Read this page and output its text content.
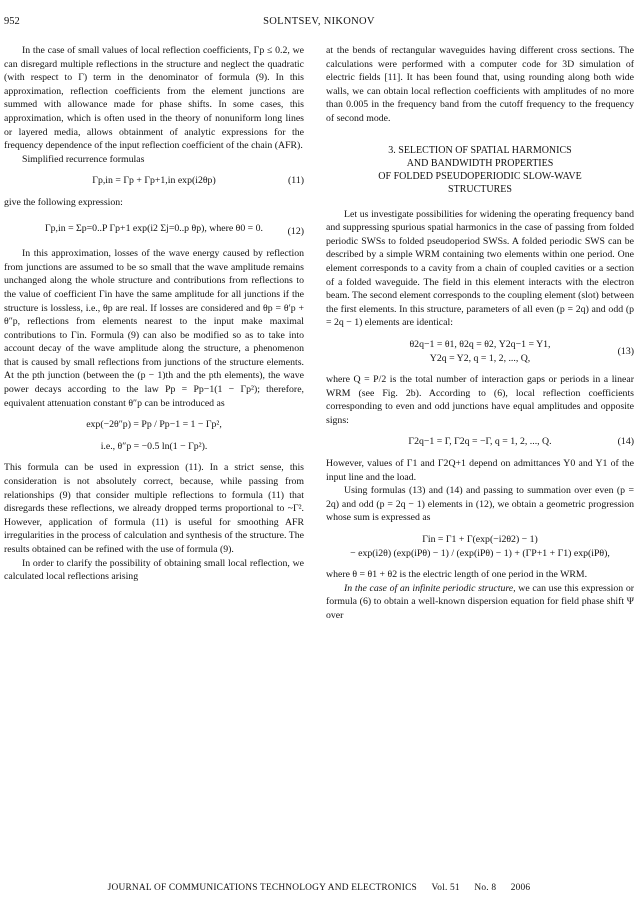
952	SOLNTSEV, NIKONOV

In the case of small values of local reflection coefficients, Γp ≤ 0.2, we can disregard multiple reflections in the structure and neglect the quadratic (with respect to Γ) term in the denominator of formula (9). In this approximation, reflection coefficients from the element junctions are summed with allowance made for phase shifts. In some cases, this approximation, which is often used in the theory of nonuniform long lines or layered media, allows obtainment of analytic expressions for the frequency dependence of the input reflection coefficient of the chain (AFR).

Simplified recurrence formulas

Γp,in = Γp + Γp+1,in exp(i2θp)	(11)

give the following expression:

Γp,in = Σp=0..P Γp+1 exp(i2 Σj=0..p θp), where θ0 = 0.	(12)

In this approximation, losses of the wave energy caused by reflection from junctions are assumed to be so small that the wave amplitude remains unchanged along the whole structure and contributions from reflections to the value of coefficient Γin have the same amplitude for all junctions if the structure is lossless, i.e., θp are real. If losses are considered and θp = θ′p + θ″p, reflections from elements nearest to the input make maximal contributions to Γin. Formula (9) can also be modified so as to take into account decay of the wave amplitude along the structure, a phenomenon that is caused by small reflections from junctions of the structure elements. At the pth junction (between the (p − 1)th and the pth elements), the wave power decays according to the law Pp = Pp−1(1 − Γp²); therefore, equivalent attenuation constant θ″p can be introduced as

exp(−2θ″p) = Pp / Pp−1 = 1 − Γp²,
i.e., θ″p = −0.5 ln(1 − Γp²).

This formula can be used in expression (11). In a strict sense, this consideration is not absolutely correct, because, while passing from relationships (9) that consider multiple reflections to formula (11) that disregards these reflections, we already dropped terms proportional to ~Γ². However, application of formula (11) is useful for smoothing AFR irregularities in the process of calculation and synthesis of the structure. The results obtained can be refined with the use of formula (9).

In order to clarify the possibility of obtaining small local reflection, we calculated local reflections arising

at the bends of rectangular waveguides having different cross sections. The calculations were performed with a computer code for 3D simulation of electric fields [11]. It has been found that, using rounding along both wide walls, we can obtain local reflection coefficients with amplitudes of no more than 0.005 in the frequency band from the cutoff frequency to the frequency of second mode.

3. SELECTION OF SPATIAL HARMONICS
AND BANDWIDTH PROPERTIES
OF FOLDED PSEUDOPERIODIC SLOW-WAVE
STRUCTURES

Let us investigate possibilities for widening the operating frequency band and suppressing spurious spatial harmonics in the case of passing from folded periodic SWSs to folded pseudoperiod SWSs. A folded periodic SWS can be described by a simple WRM containing two elements within one period. One element corresponds to a cavity from a chain of coupled cavities or a section of a folded waveguide. The field in this element interacts with the electron beam. The second element corresponds to the coupling element (slot) between the first elements. In this structure, parameters of all even (p = 2q) and odd (p = 2q − 1) elements are identical:

θ2q−1 = θ1, θ2q = θ2, Y2q−1 = Y1,
Y2q = Y2, q = 1, 2, ..., Q,
(13)

where Q = P/2 is the total number of interaction gaps or periods in a linear WRM (see Fig. 2b). According to (6), local reflection coefficients corresponding to even and odd junctions have equal amplitudes and opposite signs:

Γ2q−1 = Γ, Γ2q = −Γ, q = 1, 2, ..., Q.	(14)

However, values of Γ1 and Γ2Q+1 depend on admittances Y0 and Y1 of the input line and the load.

Using formulas (13) and (14) and passing to summation over even (p = 2q) and odd (p = 2q − 1) elements in (12), we obtain a geometric progression whose sum is expressed as

Γin = Γ1 + Γ(exp(−i2θ2) − 1)
− exp(i2θ) (exp(iPθ) − 1) / (exp(iPθ) − 1) + (ΓP+1 + Γ1) exp(iPθ),

where θ = θ1 + θ2 is the electric length of one period in the WRM.

In the case of an infinite periodic structure, we can use this expression or formula (6) to obtain a well-known dispersion equation for field phase shift Ψ over

JOURNAL OF COMMUNICATIONS TECHNOLOGY AND ELECTRONICS Vol. 51 No. 8 2006
